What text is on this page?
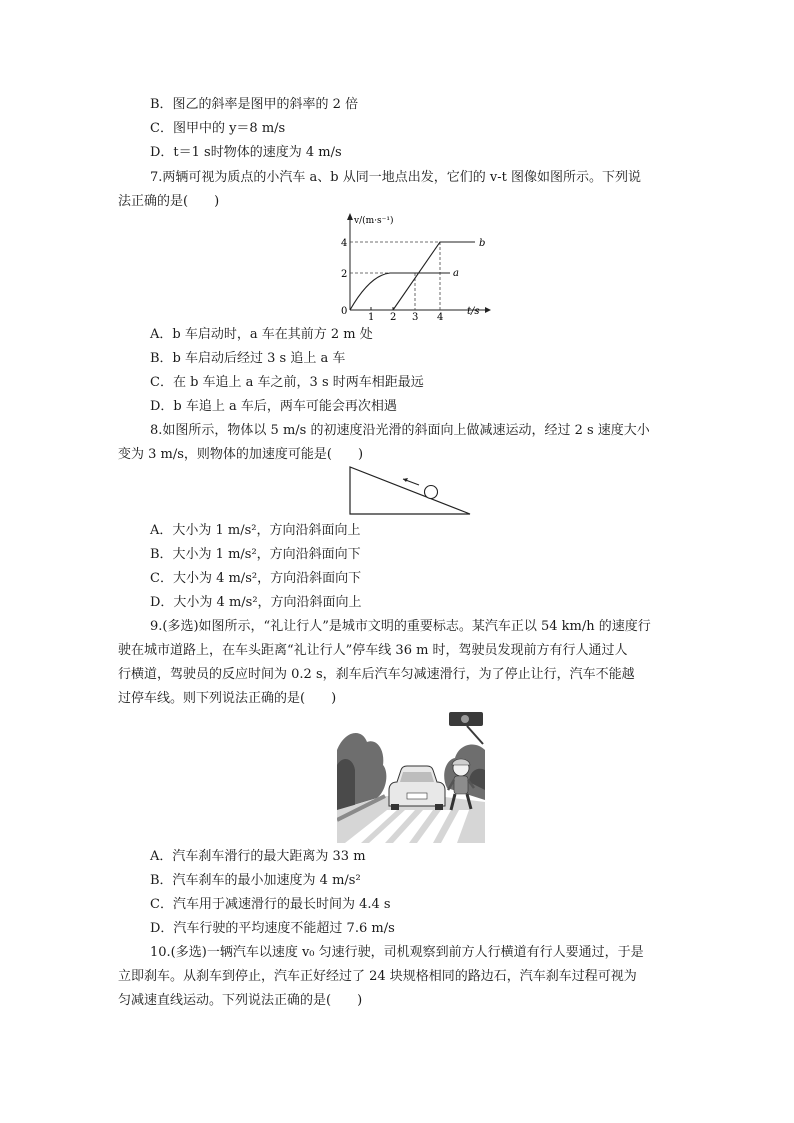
B．图乙的斜率是图甲的斜率的 2 倍
C．图甲中的 y＝8 m/s
D．t＝1 s时物体的速度为 4 m/s
7.两辆可视为质点的小汽车 a、b 从同一地点出发，它们的 v-t 图像如图所示。下列说
法正确的是(　　)
v/(m·s⁻¹)
t/s
0
2
4
1 2 3 4
a
b
A．b 车启动时，a 车在其前方 2 m 处
B．b 车启动后经过 3 s 追上 a 车
C．在 b 车追上 a 车之前，3 s 时两车相距最远
D．b 车追上 a 车后，两车可能会再次相遇
8.如图所示，物体以 5 m/s 的初速度沿光滑的斜面向上做减速运动，经过 2 s 速度大小
变为 3 m/s，则物体的加速度可能是(　　)
A．大小为 1 m/s²，方向沿斜面向上
B．大小为 1 m/s²，方向沿斜面向下
C．大小为 4 m/s²，方向沿斜面向下
D．大小为 4 m/s²，方向沿斜面向上
9.(多选)如图所示，“礼让行人”是城市文明的重要标志。某汽车正以 54 km/h 的速度行
驶在城市道路上，在车头距离“礼让行人”停车线 36 m 时，驾驶员发现前方有行人通过人
行横道，驾驶员的反应时间为 0.2 s，刹车后汽车匀减速滑行，为了停止让行，汽车不能越
过停车线。则下列说法正确的是(　　)
A．汽车刹车滑行的最大距离为 33 m
B．汽车刹车的最小加速度为 4 m/s²
C．汽车用于减速滑行的最长时间为 4.4 s
D．汽车行驶的平均速度不能超过 7.6 m/s
10.(多选)一辆汽车以速度 v₀ 匀速行驶，司机观察到前方人行横道有行人要通过，于是
立即刹车。从刹车到停止，汽车正好经过了 24 块规格相同的路边石，汽车刹车过程可视为
匀减速直线运动。下列说法正确的是(　　)
